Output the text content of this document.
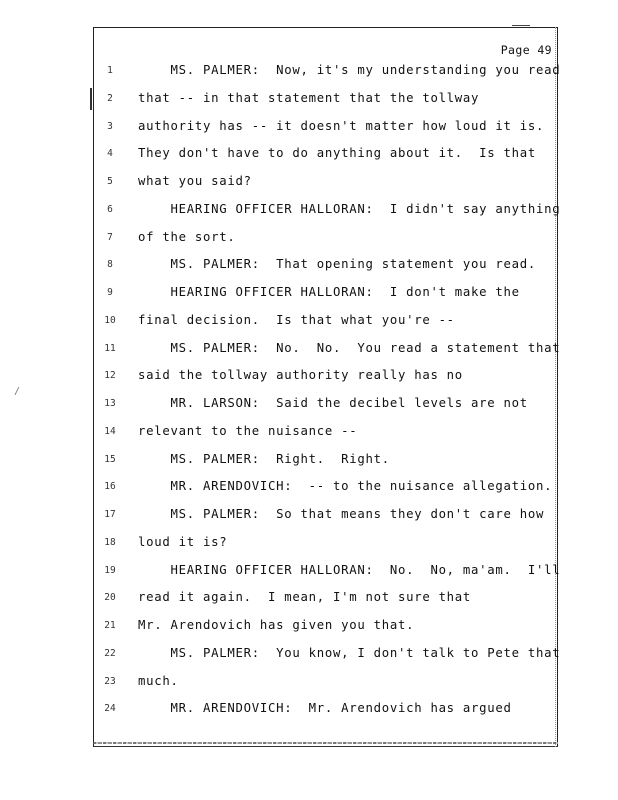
/
Page 49
1	MS. PALMER:  Now, it's my understanding you read
2	that -- in that statement that the tollway
3	authority has -- it doesn't matter how loud it is.
4	They don't have to do anything about it.  Is that
5	what you said?
6	HEARING OFFICER HALLORAN:  I didn't say anything
7	of the sort.
8	MS. PALMER:  That opening statement you read.
9	HEARING OFFICER HALLORAN:  I don't make the
10	final decision.  Is that what you're --
11	MS. PALMER:  No.  No.  You read a statement that
12	said the tollway authority really has no
13	MR. LARSON:  Said the decibel levels are not
14	relevant to the nuisance --
15	MS. PALMER:  Right.  Right.
16	MR. ARENDOVICH:  -- to the nuisance allegation.
17	MS. PALMER:  So that means they don't care how
18	loud it is?
19	HEARING OFFICER HALLORAN:  No.  No, ma'am.  I'll
20	read it again.  I mean, I'm not sure that
21	Mr. Arendovich has given you that.
22	MS. PALMER:  You know, I don't talk to Pete that
23	much.
24	MR. ARENDOVICH:  Mr. Arendovich has argued
